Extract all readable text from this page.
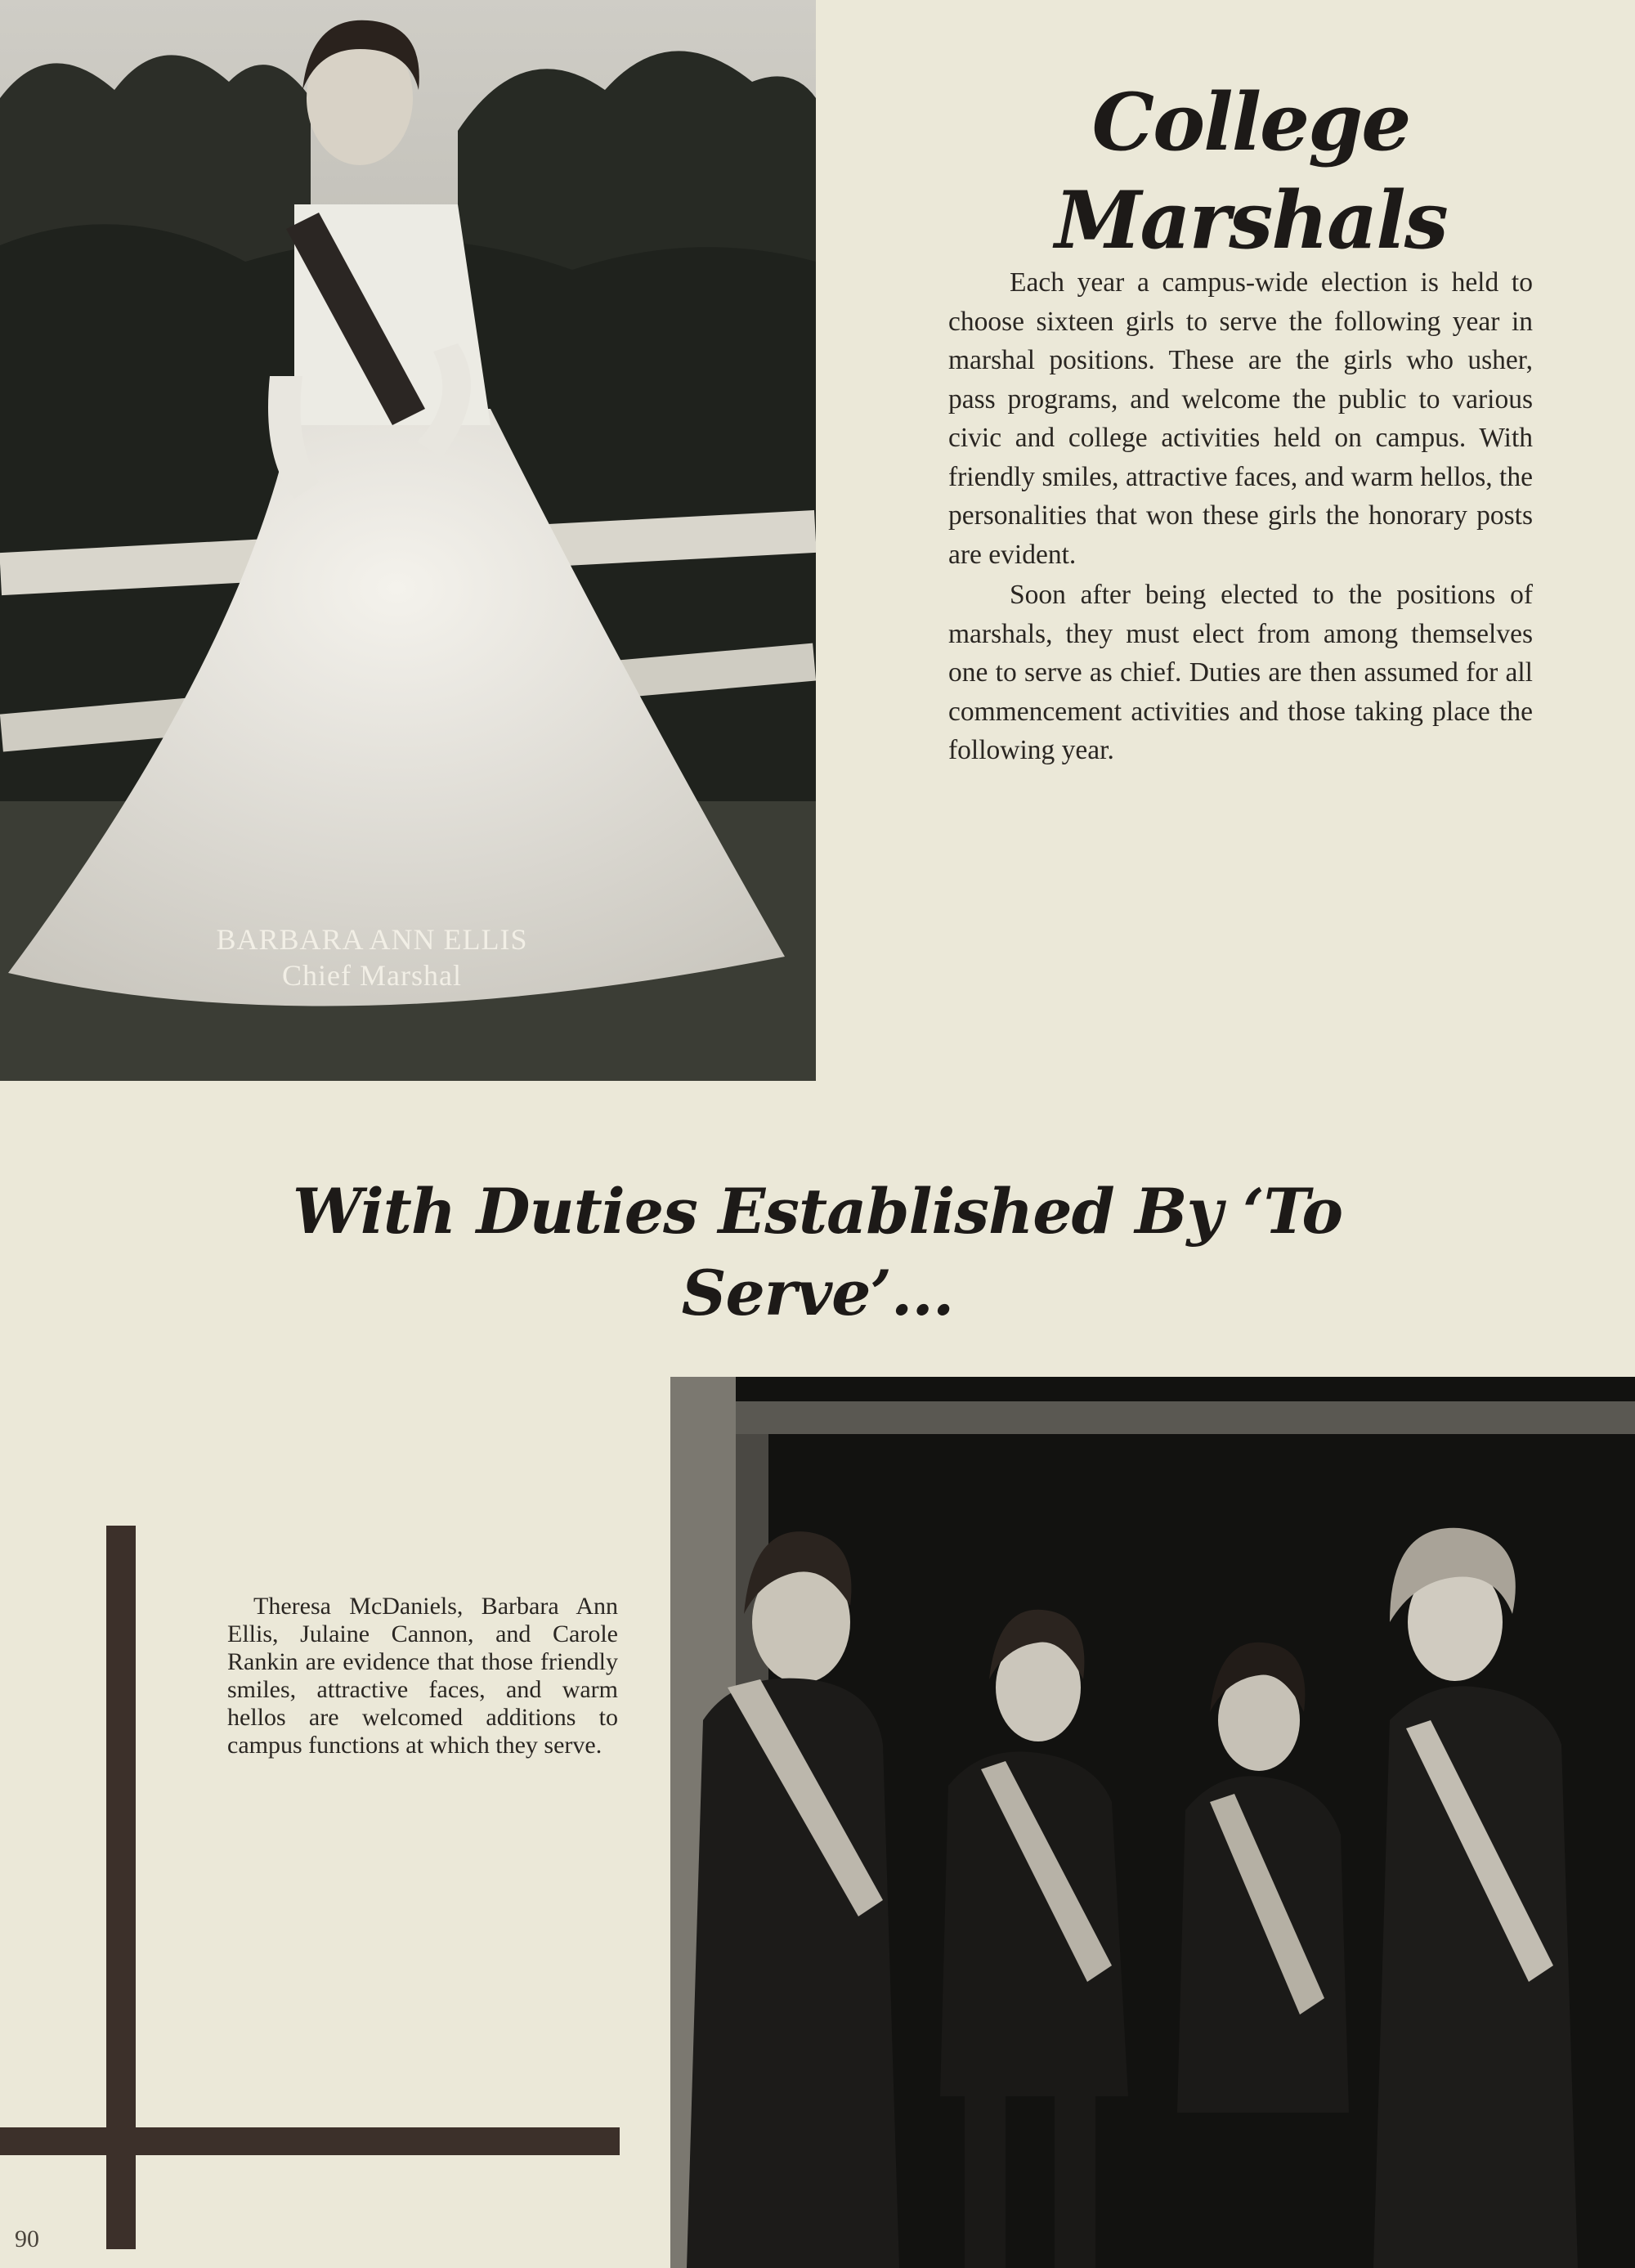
BARBARA ANN ELLIS
Chief Marshal
College Marshals

Each year a campus-wide election is held to choose sixteen girls to serve the following year in marshal positions. These are the girls who usher, pass programs, and welcome the public to various civic and college activities held on campus. With friendly smiles, attractive faces, and warm hellos, the personalities that won these girls the honorary posts are evident.

Soon after being elected to the positions of marshals, they must elect from among themselves one to serve as chief. Duties are then assumed for all commencement activities and those taking place the following year.

With Duties Established By ‘To Serve’...

Theresa McDaniels, Barbara Ann Ellis, Julaine Cannon, and Carole Rankin are evidence that those friendly smiles, attractive faces, and warm hellos are welcomed additions to campus functions at which they serve.

90
